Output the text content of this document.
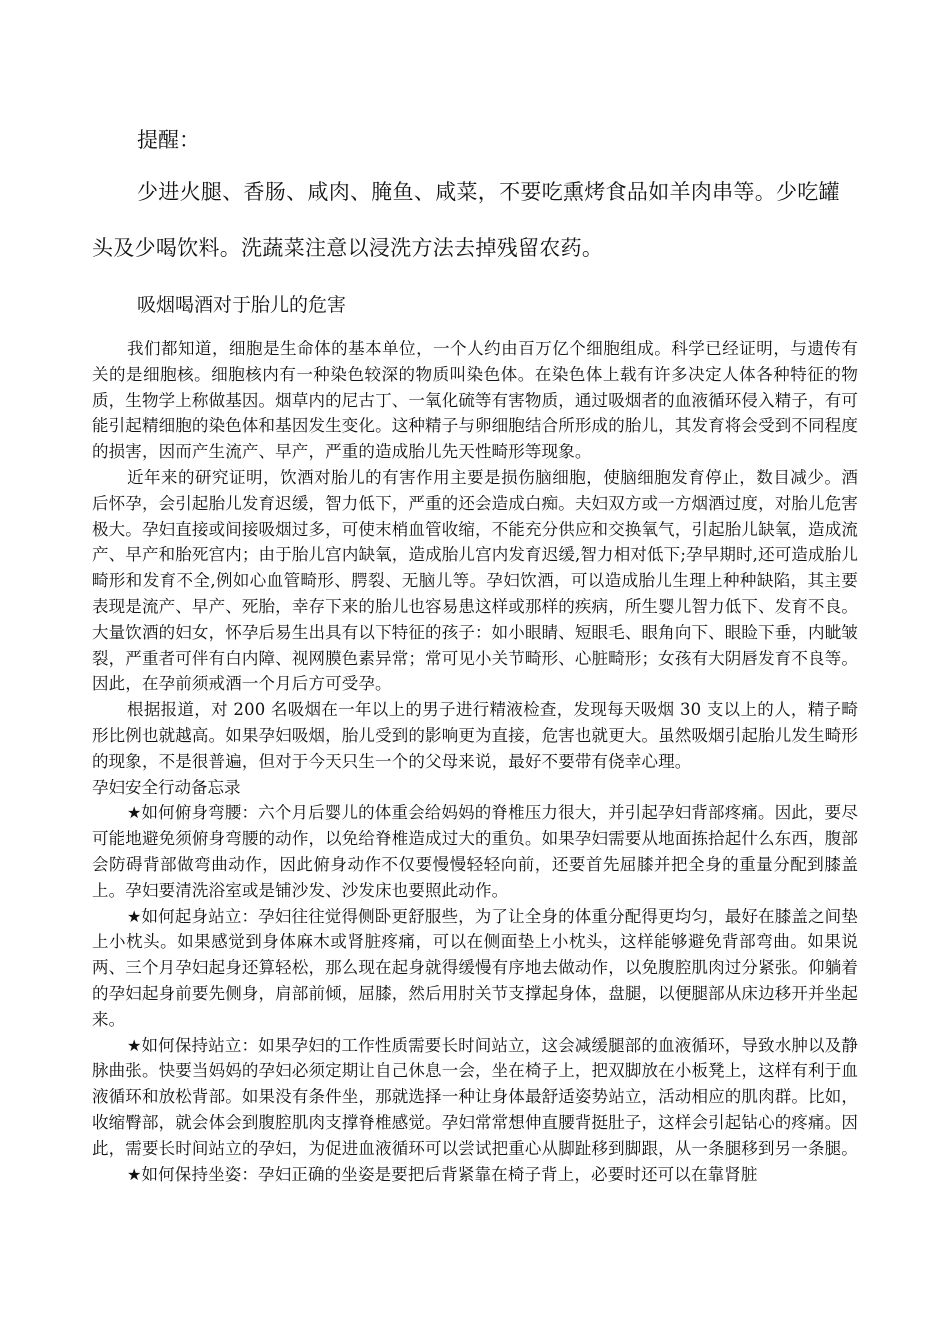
提醒：

少进火腿、香肠、咸肉、腌鱼、咸菜，不要吃熏烤食品如羊肉串等。少吃罐头及少喝饮料。洗蔬菜注意以浸洗方法去掉残留农药。

吸烟喝酒对于胎儿的危害

我们都知道，细胞是生命体的基本单位，一个人约由百万亿个细胞组成。科学已经证明，与遗传有关的是细胞核。细胞核内有一种染色较深的物质叫染色体。在染色体上载有许多决定人体各种特征的物质，生物学上称做基因。烟草内的尼古丁、一氧化硫等有害物质，通过吸烟者的血液循环侵入精子，有可能引起精细胞的染色体和基因发生变化。这种精子与卵细胞结合所形成的胎儿，其发育将会受到不同程度的损害，因而产生流产、早产，严重的造成胎儿先天性畸形等现象。

近年来的研究证明，饮酒对胎儿的有害作用主要是损伤脑细胞，使脑细胞发育停止，数目减少。酒后怀孕，会引起胎儿发育迟缓，智力低下，严重的还会造成白痴。夫妇双方或一方烟酒过度，对胎儿危害极大。孕妇直接或间接吸烟过多，可使末梢血管收缩，不能充分供应和交换氧气，引起胎儿缺氧，造成流产、早产和胎死宫内；由于胎儿宫内缺氧，造成胎儿宫内发育迟缓,智力相对低下;孕早期时,还可造成胎儿畸形和发育不全,例如心血管畸形、腭裂、无脑儿等。孕妇饮酒，可以造成胎儿生理上种种缺陷，其主要表现是流产、早产、死胎，幸存下来的胎儿也容易患这样或那样的疾病，所生婴儿智力低下、发育不良。大量饮酒的妇女，怀孕后易生出具有以下特征的孩子：如小眼睛、短眼毛、眼角向下、眼睑下垂，内眦皱裂，严重者可伴有白内障、视网膜色素异常；常可见小关节畸形、心脏畸形；女孩有大阴唇发育不良等。因此，在孕前须戒酒一个月后方可受孕。

根据报道，对 200 名吸烟在一年以上的男子进行精液检查，发现每天吸烟 30 支以上的人，精子畸形比例也就越高。如果孕妇吸烟，胎儿受到的影响更为直接，危害也就更大。虽然吸烟引起胎儿发生畸形的现象，不是很普遍，但对于今天只生一个的父母来说，最好不要带有侥幸心理。

孕妇安全行动备忘录

★如何俯身弯腰：六个月后婴儿的体重会给妈妈的脊椎压力很大，并引起孕妇背部疼痛。因此，要尽可能地避免须俯身弯腰的动作，以免给脊椎造成过大的重负。如果孕妇需要从地面拣拾起什么东西，腹部会防碍背部做弯曲动作，因此俯身动作不仅要慢慢轻轻向前，还要首先屈膝并把全身的重量分配到膝盖上。孕妇要清洗浴室或是铺沙发、沙发床也要照此动作。

★如何起身站立：孕妇往往觉得侧卧更舒服些，为了让全身的体重分配得更均匀，最好在膝盖之间垫上小枕头。如果感觉到身体麻木或肾脏疼痛，可以在侧面垫上小枕头，这样能够避免背部弯曲。如果说两、三个月孕妇起身还算轻松，那么现在起身就得缓慢有序地去做动作，以免腹腔肌肉过分紧张。仰躺着的孕妇起身前要先侧身，肩部前倾，屈膝，然后用肘关节支撑起身体，盘腿，以便腿部从床边移开并坐起来。

★如何保持站立：如果孕妇的工作性质需要长时间站立，这会减缓腿部的血液循环，导致水肿以及静脉曲张。快要当妈妈的孕妇必须定期让自己休息一会，坐在椅子上，把双脚放在小板凳上，这样有利于血液循环和放松背部。如果没有条件坐，那就选择一种让身体最舒适姿势站立，活动相应的肌肉群。比如，收缩臀部，就会体会到腹腔肌肉支撑脊椎感觉。孕妇常常想伸直腰背挺肚子，这样会引起钻心的疼痛。因此，需要长时间站立的孕妇，为促进血液循环可以尝试把重心从脚趾移到脚跟，从一条腿移到另一条腿。

★如何保持坐姿：孕妇正确的坐姿是要把后背紧靠在椅子背上，必要时还可以在靠肾脏
